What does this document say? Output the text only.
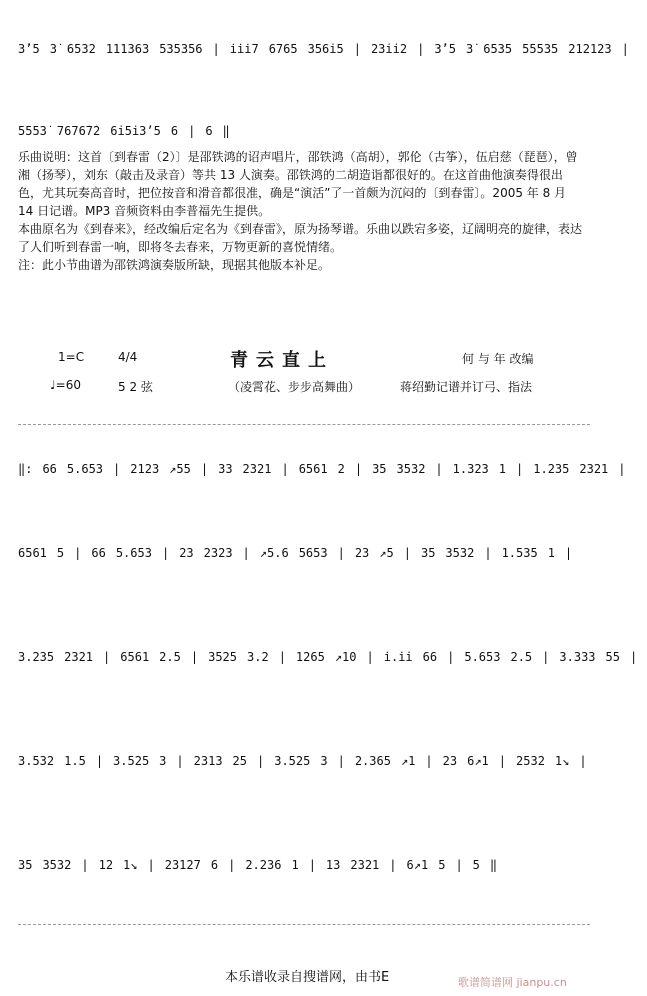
3̇ʼ5 3̇ 6532 111363 535356 | i̇i̇i̇7 6765 356i5 | 23ii2 | 3̇ʼ5 3̇ 6535 55535 212123 |
5553̇ 7676̇7̇2 6i5i3ʼ5 6 | 6 ‖

乐曲说明：这首〔到春雷（2）〕是邵铁鸿的诏声唱片，邵铁鸿（高胡），郭伦（古筝），伍启慈（琵琶），曾湘（扬琴），刘东（敲击及录音）等共 13 人演奏。邵铁鸿的二胡造诣都很好的。在这首曲他演奏得很出色，尤其玩奏高音时，把位按音和滑音都很准，确是“演活”了一首颇为沉闷的〔到春雷〕。2005 年 8 月 14 日记谱。MP3 音频资料由李普福先生提供。

本曲原名为《到春来》，经改编后定名为《到春雷》，原为扬琴谱。乐曲以跌宕多姿，辽阔明亮的旋律，表达了人们听到春雷一响，即将冬去春来，万物更新的喜悦情绪。

注：此小节曲谱为邵铁鸿演奏版所缺，现据其他版本补足。

1=C	4/4
♩=60	5 2 弦
青云直上
（凌霄花、步步高舞曲）
何 与 年 改编
蒋绍勤记谱并订弓、指法
‖: 66 5.653 | 2123 ↗55 | 33 2321 | 6561 2 | 35 3532 | 1.323 1 | 1.235 2321 |
6561 5 | 66 5.653 | 23 2323 | ↗5.6 5653 | 23 ↗5 | 35 3532 | 1.535 1 |
3.235 2321 | 6561 2.5 | 3525 3.2 | 1265 ↗10 | i̇.i̇i̇ 66 | 5.653 2.5 | 3.333 55 |
3.532 1.5 | 3.525 3 | 2313 25 | 3.525 3 | 2.365 ↗1 | 23 6↗1 | 2532 1↘ |
35 3532 | 12 1↘ | 23127 6 | 2.236 1 | 13 2321 | 6↗1 5 | 5 ‖
本乐谱收录自搜谱网，由书E	歌谱简谱网 jianpu.cn
